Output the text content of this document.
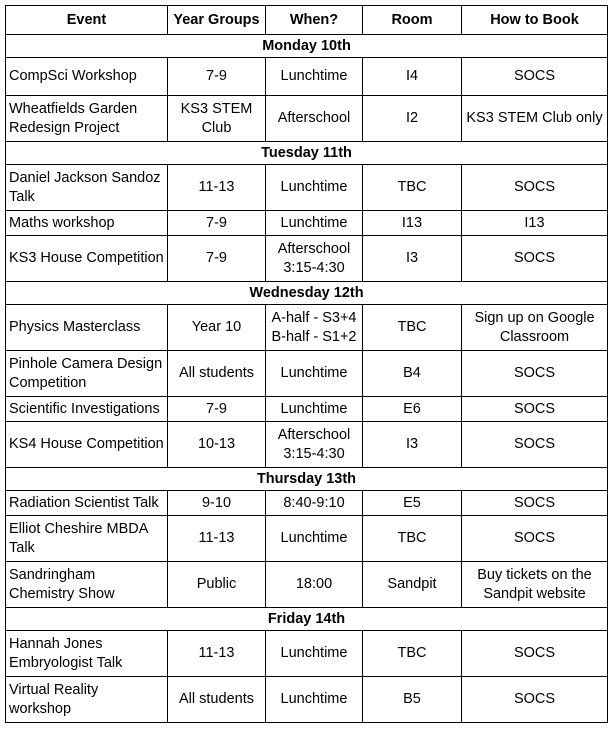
Event	Year Groups	When?	Room	How to Book
Monday 10th				
CompSci Workshop	7-9	Lunchtime	I4	SOCS
Wheatfields Garden Redesign Project	KS3 STEM Club	Afterschool	I2	KS3 STEM Club only
Tuesday 11th				
Daniel Jackson Sandoz Talk	11-13	Lunchtime	TBC	SOCS
Maths workshop	7-9	Lunchtime	I13	I13
KS3 House Competition	7-9	Afterschool 3:15-4:30	I3	SOCS
Wednesday 12th				
Physics Masterclass	Year 10	A-half - S3+4 B-half - S1+2	TBC	Sign up on Google Classroom
Pinhole Camera Design Competition	All students	Lunchtime	B4	SOCS
Scientific Investigations	7-9	Lunchtime	E6	SOCS
KS4 House Competition	10-13	Afterschool 3:15-4:30	I3	SOCS
Thursday 13th				
Radiation Scientist Talk	9-10	8:40-9:10	E5	SOCS
Elliot Cheshire MBDA Talk	11-13	Lunchtime	TBC	SOCS
Sandringham Chemistry Show	Public	18:00	Sandpit	Buy tickets on the Sandpit website
Friday 14th				
Hannah Jones Embryologist Talk	11-13	Lunchtime	TBC	SOCS
Virtual Reality workshop	All students	Lunchtime	B5	SOCS
